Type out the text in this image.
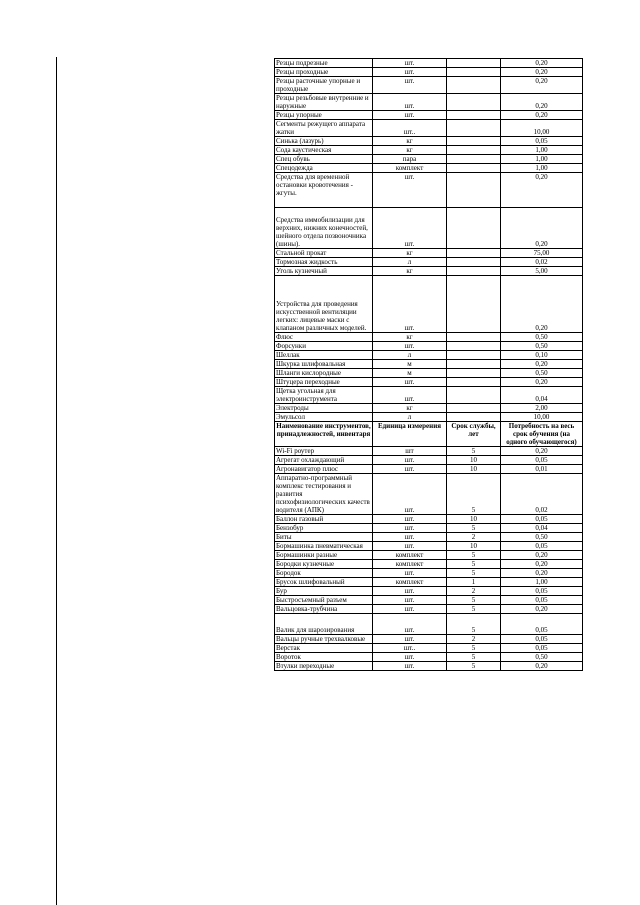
Резцы подрезные	шт.		0,20
Резцы проходные	шт.		0,20
Резцы расточные упорные и проходные	шт.		0,20
Резцы резьбовые внутренние и наружные	шт.		0,20
Резцы упорные	шт.		0,20
Сегменты режущего аппарата жатки	шт..		10,00
Синька (лазурь)	кг		0,05
Сода каустическая	кг		1,00
Спец обувь	пара		1,00
Спецодежда	комплект		1,00
Средства для временной остановки кровотечения - жгуты.	шт.		0,20
Средства иммобилизации для верхних, нижних конечностей, шейного отдела позвоночника (шины).	шт.		0,20
Стальной прокат	кг		75,00
Тормозная жидкость	л		0,02
Уголь кузнечный	кг		5,00
Устройства для проведения искусственной вентиляции легких: лицевые маски с клапаном различных моделей.	шт.		0,20
Флюс	кг		0,50
Форсунки	шт.		0,50
Шеллак	л		0,10
Шкурка шлифовальная	м		0,20
Шланги кислородные	м		0,50
Штуцера переходные	шт.		0,20
Щетка угольная для электроинструмента	шт.		0,04
Электроды	кг		2,00
Эмульсол	л		10,00
Наименование инструментов, принадлежностей, инвентаря	Единица измерения	Срок службы, лет	Потребность на весь срок обучения (на одного обучающегося)
Wi-Fi роутер	шт	5	0,20
Агрегат охлаждающий	шт.	10	0,05
Агронавигатор плюс	шт.	10	0,01
Аппаратно-программный комплекс тестирования и развития психофизиологических качеств водителя (АПК)	шт.	5	0,02
Баллон газовый	шт.	10	0,05
Бензобур	шт.	5	0,04
Биты	шт.	2	0,50
Бормашинка пневматическая	шт.	10	0,05
Бормашинки разные	комплект	5	0,20
Бородки кузнечные	комплект	5	0,20
Бородок	шт.	5	0,20
Брусок шлифовальный	комплект	1	1,00
Бур	шт.	2	0,05
Быстросъемный разъем	шт.	5	0,05
Вальцовка-трубчина	шт.	5	0,20
Валик для шарозирования	шт.	5	0,05
Вальцы ручные трехвалковые	шт.	2	0,05
Верстак	шт..	5	0,05
Вороток	шт.	5	0,50
Втулки переходные	шт.	5	0,20
